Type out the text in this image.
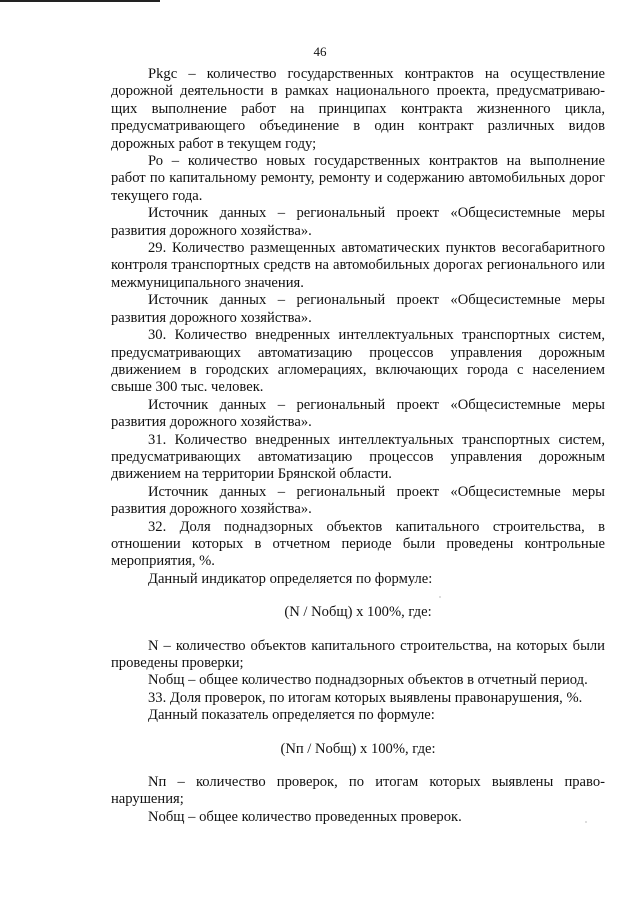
46

Pkgc – количество государственных контрактов на осуществление дорожной деятельности в рамках национального проекта, предусматривающих выполнение работ на принципах контракта жизненного цикла, предусматривающего объединение в один контракт различных видов дорожных работ в текущем году;

Ро – количество новых государственных контрактов на выполнение работ по капитальному ремонту, ремонту и содержанию автомобильных дорог текущего года.

Источник данных – региональный проект «Общесистемные меры развития дорожного хозяйства».

29. Количество размещенных автоматических пунктов весогабаритного контроля транспортных средств на автомобильных дорогах регионального или межмуниципального значения.

Источник данных – региональный проект «Общесистемные меры развития дорожного хозяйства».

30. Количество внедренных интеллектуальных транспортных систем, предусматривающих автоматизацию процессов управления дорожным движением в городских агломерациях, включающих города с населением свыше 300 тыс. человек.

Источник данных – региональный проект «Общесистемные меры развития дорожного хозяйства».

31. Количество внедренных интеллектуальных транспортных систем, предусматривающих автоматизацию процессов управления дорожным движением на территории Брянской области.

Источник данных – региональный проект «Общесистемные меры развития дорожного хозяйства».

32. Доля поднадзорных объектов капитального строительства, в отношении которых в отчетном периоде были проведены контрольные мероприятия, %.

Данный индикатор определяется по формуле:

(N / Nобщ) х 100%, где:

N – количество объектов капитального строительства, на которых были проведены проверки;

Nобщ – общее количество поднадзорных объектов в отчетный период.

33. Доля проверок, по итогам которых выявлены правонарушения, %.

Данный показатель определяется по формуле:

(Nп / Nобщ) х 100%, где:

Nп – количество проверок, по итогам которых выявлены правонарушения;

Nобщ – общее количество проведенных проверок.
